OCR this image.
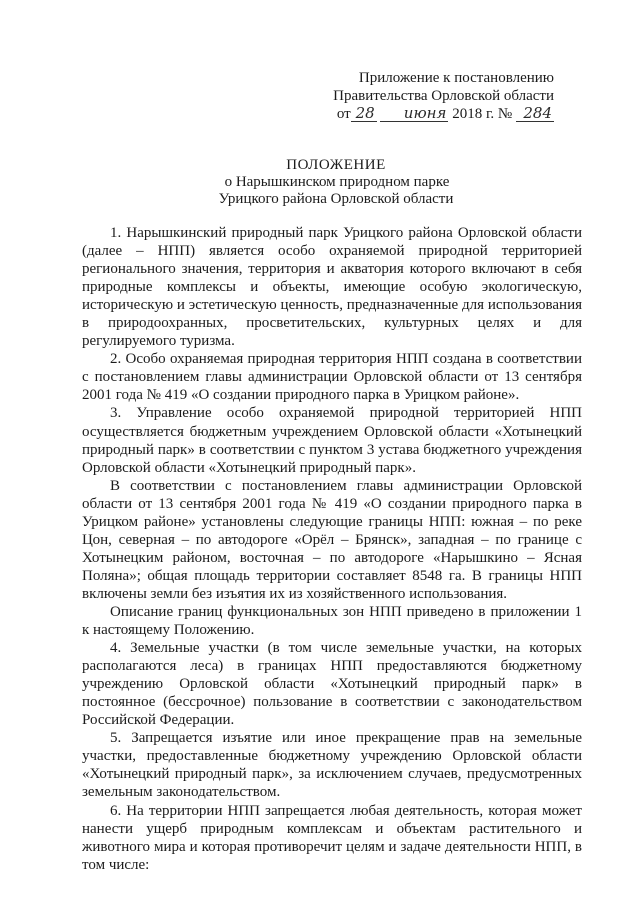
Приложение к постановлению
Правительства Орловской области
от 28 июня 2018 г. № 284
ПОЛОЖЕНИЕ
о Нарышкинском природном парке
Урицкого района Орловской области

1. Нарышкинский природный парк Урицкого района Орловской области (далее – НПП) является особо охраняемой природной территорией регионального значения, территория и акватория которого включают в себя природные комплексы и объекты, имеющие особую экологическую, историческую и эстетическую ценность, предназначенные для использования в природоохранных, просветительских, культурных целях и для регулируемого туризма.

2. Особо охраняемая природная территория НПП создана в соответствии с постановлением главы администрации Орловской области от 13 сентября 2001 года № 419 «О создании природного парка в Урицком районе».

3. Управление особо охраняемой природной территорией НПП осуществляется бюджетным учреждением Орловской области «Хотынецкий природный парк» в соответствии с пунктом 3 устава бюджетного учреждения Орловской области «Хотынецкий природный парк».

В соответствии с постановлением главы администрации Орловской области от 13 сентября 2001 года № 419 «О создании природного парка в Урицком районе» установлены следующие границы НПП: южная – по реке Цон, северная – по автодороге «Орёл – Брянск», западная – по границе с Хотынецким районом, восточная – по автодороге «Нарышкино – Ясная Поляна»; общая площадь территории составляет 8548 га. В границы НПП включены земли без изъятия их из хозяйственного использования.

Описание границ функциональных зон НПП приведено в приложении 1 к настоящему Положению.

4. Земельные участки (в том числе земельные участки, на которых располагаются леса) в границах НПП предоставляются бюджетному учреждению Орловской области «Хотынецкий природный парк» в постоянное (бессрочное) пользование в соответствии с законодательством Российской Федерации.

5. Запрещается изъятие или иное прекращение прав на земельные участки, предоставленные бюджетному учреждению Орловской области «Хотынецкий природный парк», за исключением случаев, предусмотренных земельным законодательством.

6. На территории НПП запрещается любая деятельность, которая может нанести ущерб природным комплексам и объектам растительного и животного мира и которая противоречит целям и задаче деятельности НПП, в том числе:
